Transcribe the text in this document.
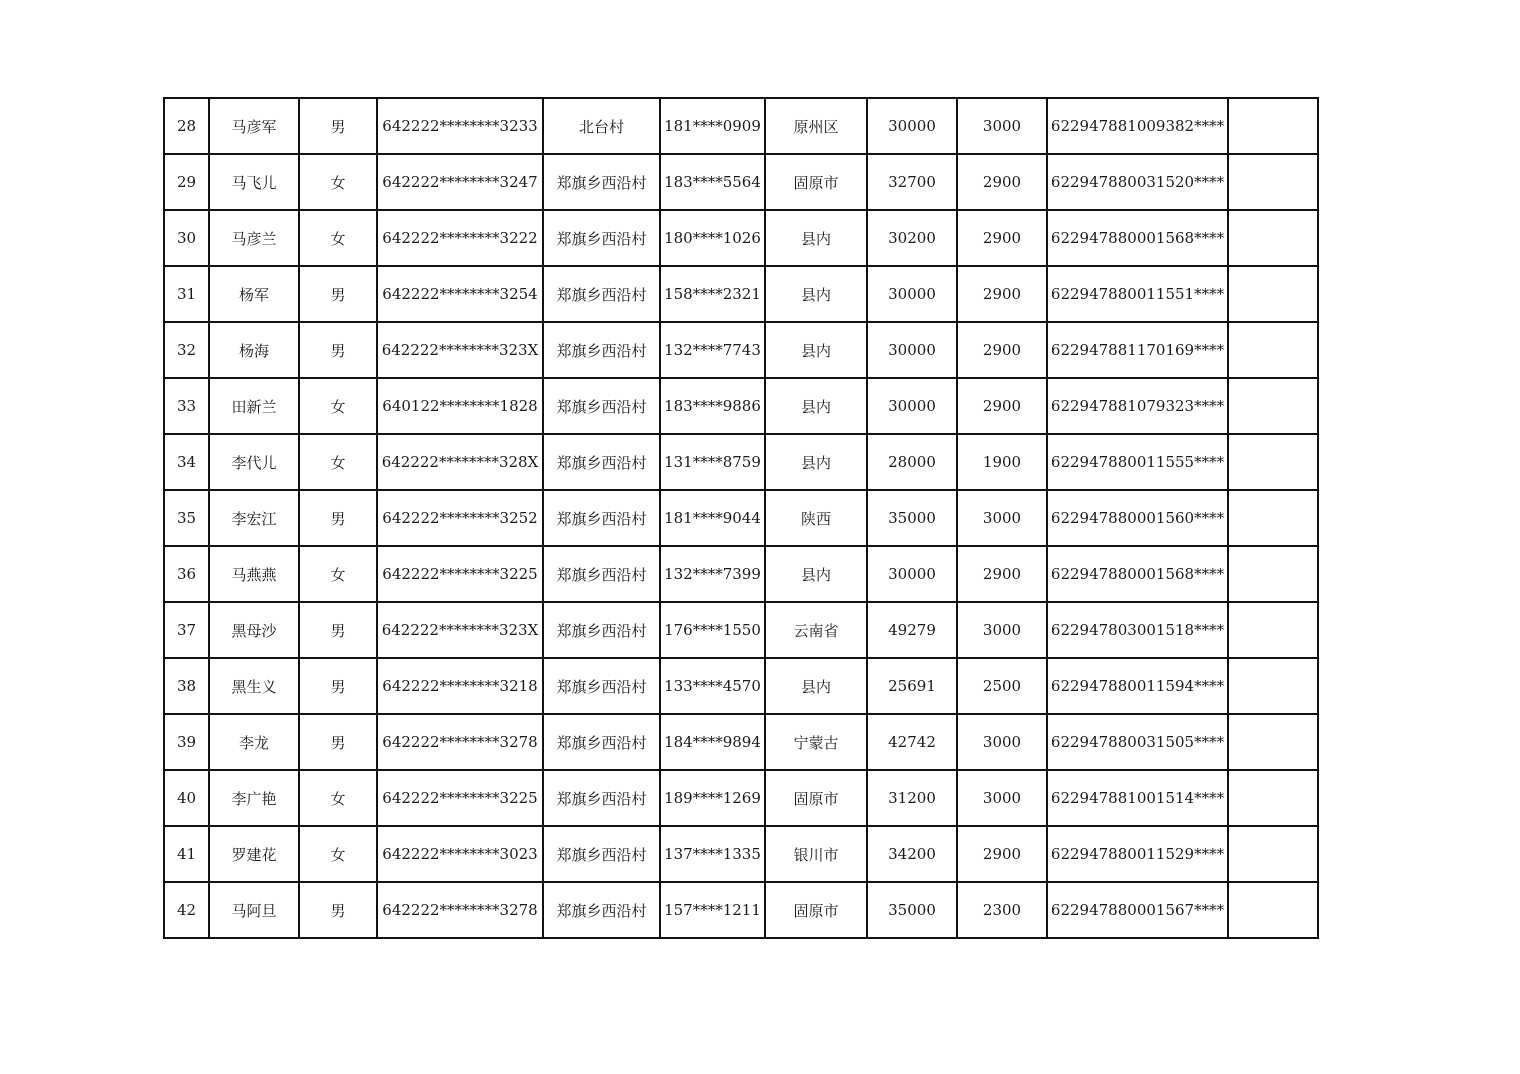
28	马彦军	男	642222********3233	北台村	181****0909	原州区	30000	3000	622947881009382****	
29	马飞儿	女	642222********3247	郑旗乡西沿村	183****5564	固原市	32700	2900	622947880031520****	
30	马彦兰	女	642222********3222	郑旗乡西沿村	180****1026	县内	30200	2900	622947880001568****	
31	杨军	男	642222********3254	郑旗乡西沿村	158****2321	县内	30000	2900	622947880011551****	
32	杨海	男	642222********323X	郑旗乡西沿村	132****7743	县内	30000	2900	622947881170169****	
33	田新兰	女	640122********1828	郑旗乡西沿村	183****9886	县内	30000	2900	622947881079323****	
34	李代儿	女	642222********328X	郑旗乡西沿村	131****8759	县内	28000	1900	622947880011555****	
35	李宏江	男	642222********3252	郑旗乡西沿村	181****9044	陕西	35000	3000	622947880001560****	
36	马燕燕	女	642222********3225	郑旗乡西沿村	132****7399	县内	30000	2900	622947880001568****	
37	黑母沙	男	642222********323X	郑旗乡西沿村	176****1550	云南省	49279	3000	622947803001518****	
38	黑生义	男	642222********3218	郑旗乡西沿村	133****4570	县内	25691	2500	622947880011594****	
39	李龙	男	642222********3278	郑旗乡西沿村	184****9894	宁蒙古	42742	3000	622947880031505****	
40	李广艳	女	642222********3225	郑旗乡西沿村	189****1269	固原市	31200	3000	622947881001514****	
41	罗建花	女	642222********3023	郑旗乡西沿村	137****1335	银川市	34200	2900	622947880011529****	
42	马阿旦	男	642222********3278	郑旗乡西沿村	157****1211	固原市	35000	2300	622947880001567****	
